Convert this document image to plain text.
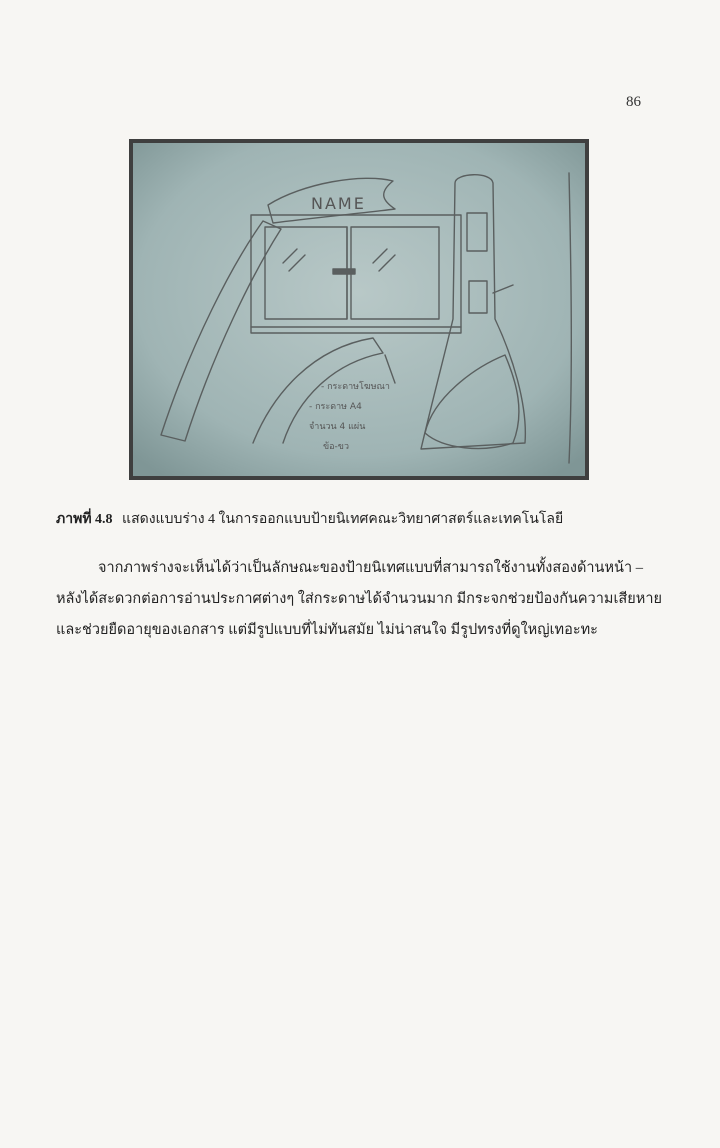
86
NAME
- กระดาษโฆษณา
- กระดาษ A4
จำนวน 4 แผ่น
ข้อ-ขว
ภาพที่ 4.8 แสดงแบบร่าง 4 ในการออกแบบป้ายนิเทศคณะวิทยาศาสตร์และเทคโนโลยี
จากภาพร่างจะเห็นได้ว่าเป็นลักษณะของป้ายนิเทศแบบที่สามารถใช้งานทั้งสองด้านหน้า –
หลังได้สะดวกต่อการอ่านประกาศต่างๆ ใส่กระดาษได้จำนวนมาก มีกระจกช่วยป้องกันความเสียหาย
และช่วยยืดอายุของเอกสาร แต่มีรูปแบบที่ไม่ทันสมัย ไม่น่าสนใจ มีรูปทรงที่ดูใหญ่เทอะทะ
